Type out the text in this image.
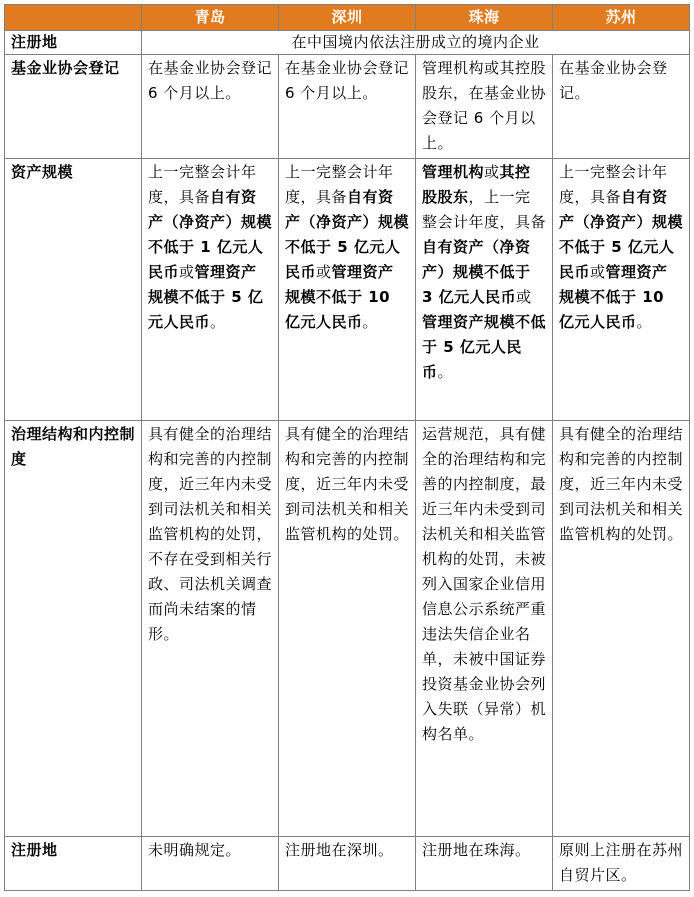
	青岛	深圳	珠海	苏州
注册地	在中国境内依法注册成立的境内企业			
基金业协会登记	在基金业协会登记 6 个月以上。	在基金业协会登记 6 个月以上。	管理机构或其控股股东，在基金业协会登记 6 个月以上。	在基金业协会登记。
资产规模	上一完整会计年度，具备自有资产（净资产）规模不低于 1 亿元人民币或管理资产规模不低于 5 亿元人民币。	上一完整会计年度，具备自有资产（净资产）规模不低于 5 亿元人民币或管理资产规模不低于 10 亿元人民币。	管理机构或其控股股东，上一完整会计年度，具备自有资产（净资产）规模不低于 3 亿元人民币或管理资产规模不低于 5 亿元人民币。	上一完整会计年度，具备自有资产（净资产）规模不低于 5 亿元人民币或管理资产规模不低于 10 亿元人民币。
治理结构和内控制度	具有健全的治理结构和完善的内控制度，近三年内未受到司法机关和相关监管机构的处罚，不存在受到相关行政、司法机关调查而尚未结案的情形。	具有健全的治理结构和完善的内控制度，近三年内未受到司法机关和相关监管机构的处罚。	运营规范，具有健全的治理结构和完善的内控制度，最近三年内未受到司法机关和相关监管机构的处罚，未被列入国家企业信用信息公示系统严重违法失信企业名单，未被中国证券投资基金业协会列入失联（异常）机构名单。	具有健全的治理结构和完善的内控制度，近三年内未受到司法机关和相关监管机构的处罚。
注册地	未明确规定。	注册地在深圳。	注册地在珠海。	原则上注册在苏州自贸片区。
